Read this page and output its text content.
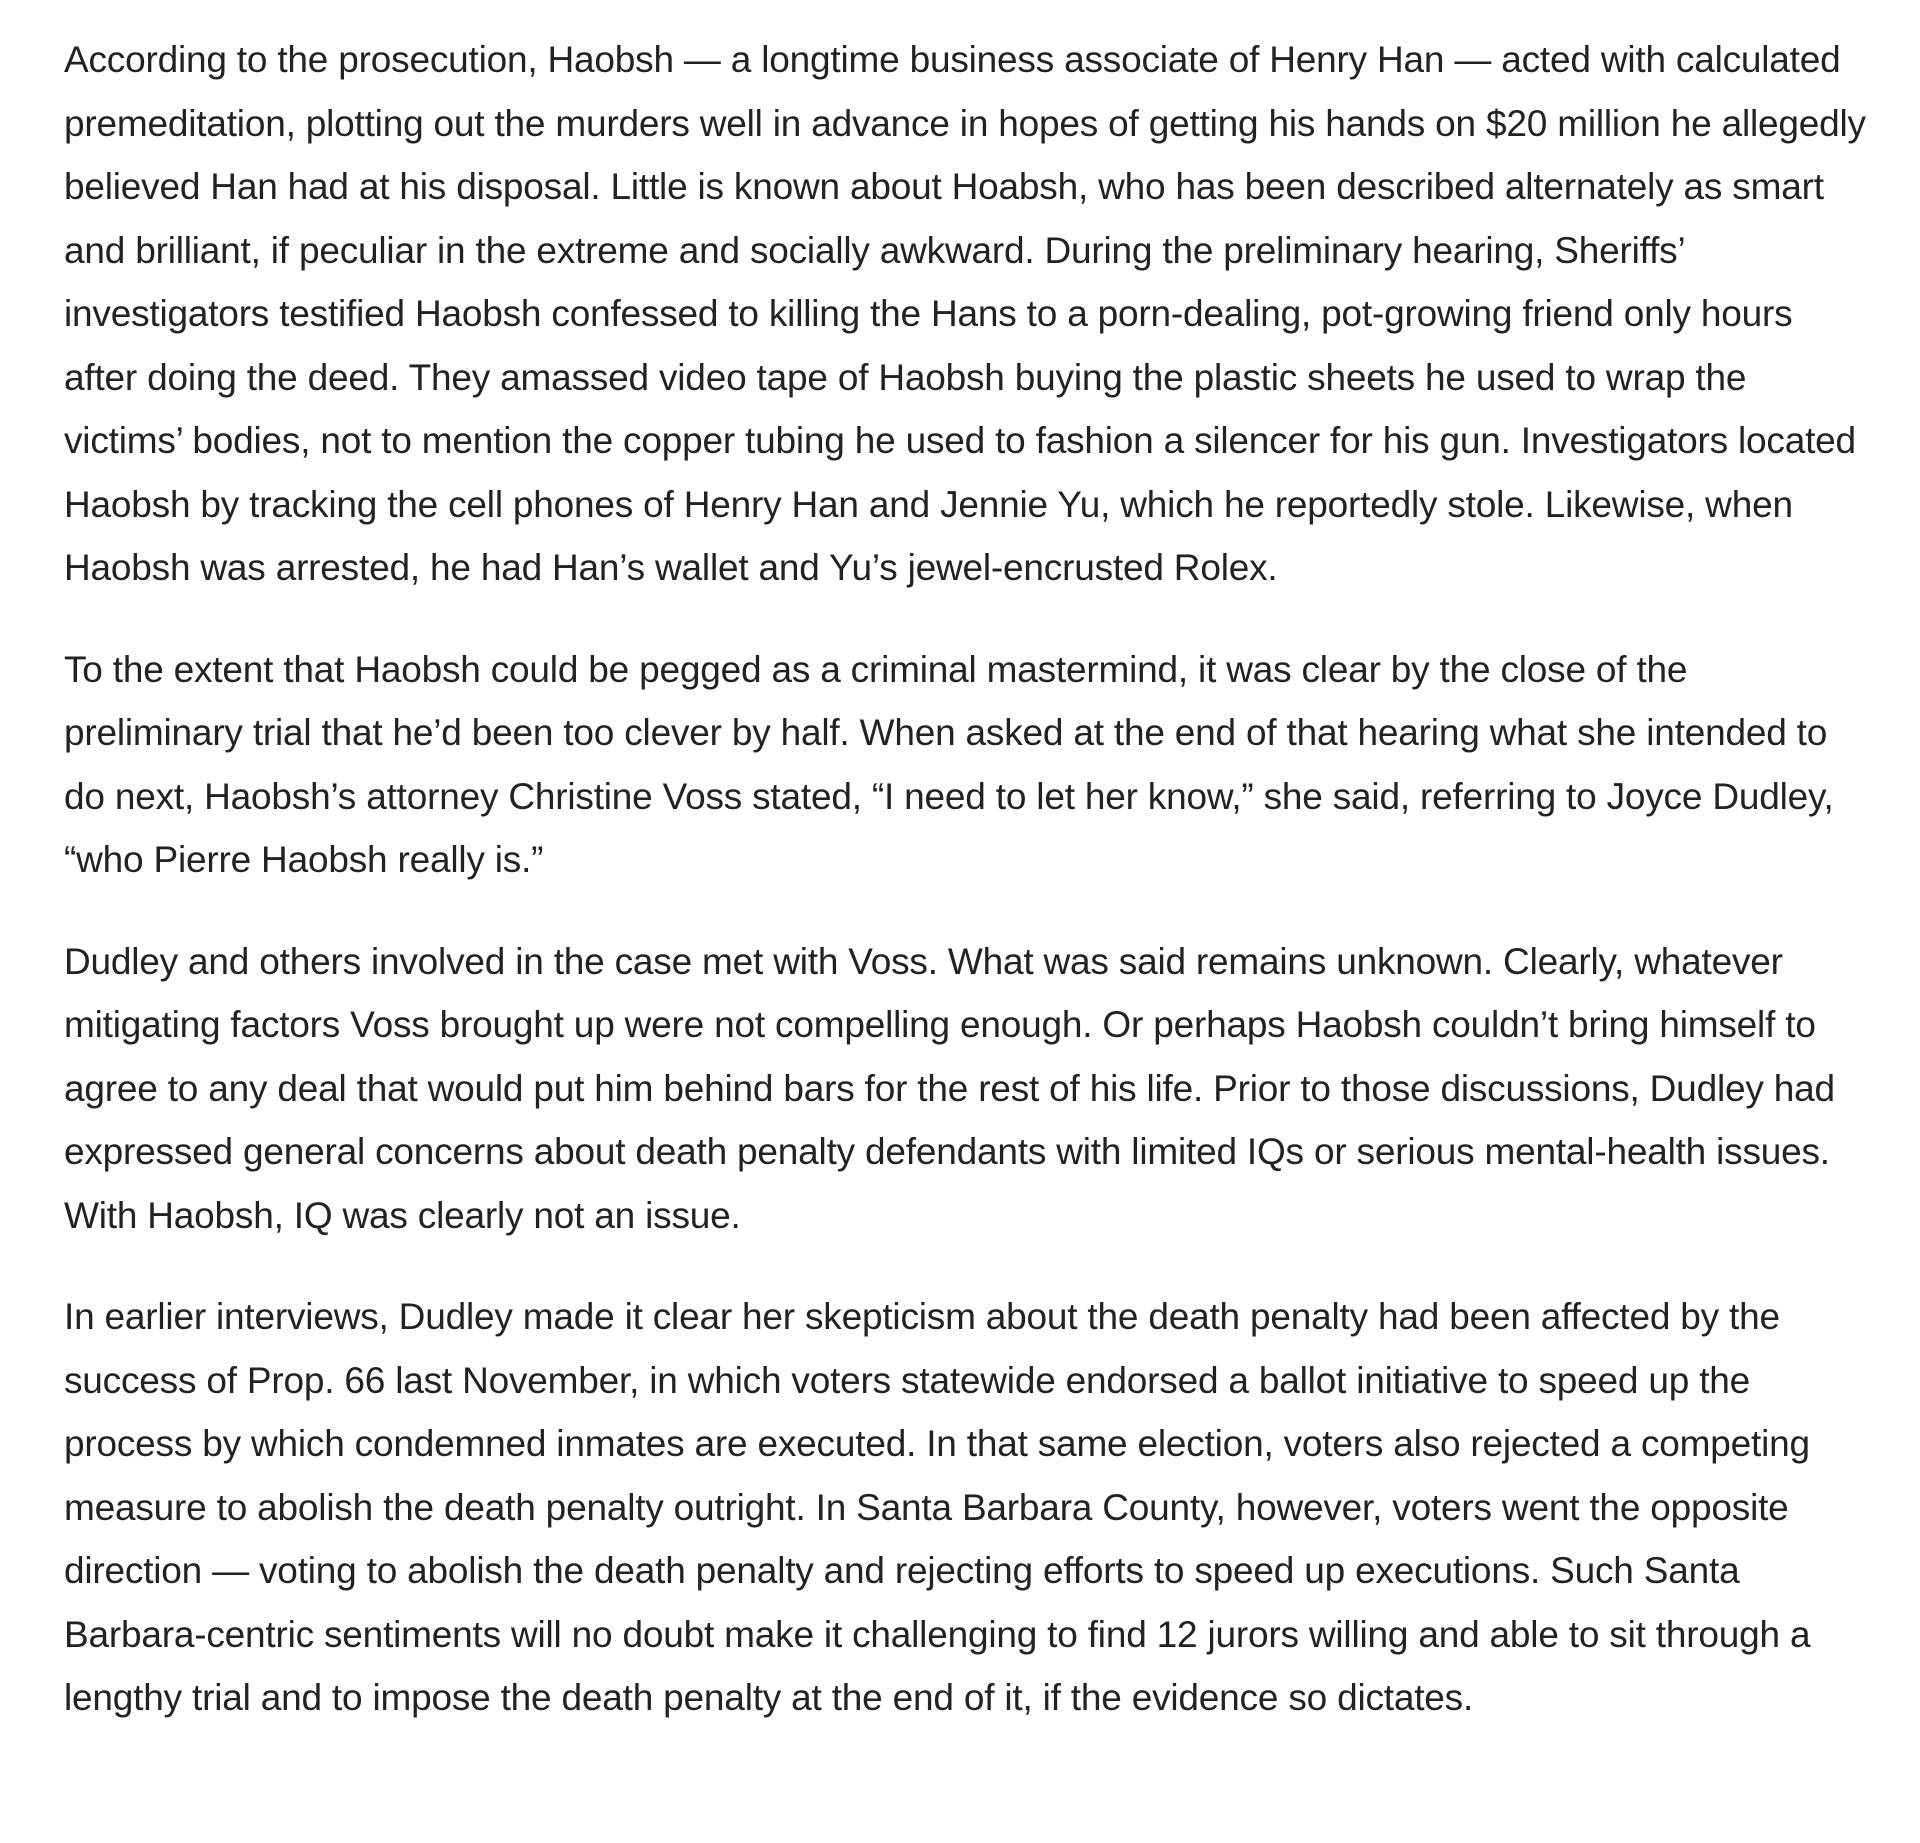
According to the prosecution, Haobsh — a longtime business associate of Henry Han — acted with calculated premeditation, plotting out the murders well in advance in hopes of getting his hands on $20 million he allegedly believed Han had at his disposal. Little is known about Hoabsh, who has been described alternately as smart and brilliant, if peculiar in the extreme and socially awkward. During the preliminary hearing, Sheriffs’ investigators testified Haobsh confessed to killing the Hans to a porn-dealing, pot-growing friend only hours after doing the deed. They amassed video tape of Haobsh buying the plastic sheets he used to wrap the victims’ bodies, not to mention the copper tubing he used to fashion a silencer for his gun. Investigators located Haobsh by tracking the cell phones of Henry Han and Jennie Yu, which he reportedly stole. Likewise, when Haobsh was arrested, he had Han’s wallet and Yu’s jewel-encrusted Rolex.

To the extent that Haobsh could be pegged as a criminal mastermind, it was clear by the close of the preliminary trial that he’d been too clever by half. When asked at the end of that hearing what she intended to do next, Haobsh’s attorney Christine Voss stated, “I need to let her know,” she said, referring to Joyce Dudley, “who Pierre Haobsh really is.”

Dudley and others involved in the case met with Voss. What was said remains unknown. Clearly, whatever mitigating factors Voss brought up were not compelling enough. Or perhaps Haobsh couldn’t bring himself to agree to any deal that would put him behind bars for the rest of his life. Prior to those discussions, Dudley had expressed general concerns about death penalty defendants with limited IQs or serious mental-health issues. With Haobsh, IQ was clearly not an issue.

In earlier interviews, Dudley made it clear her skepticism about the death penalty had been affected by the success of Prop. 66 last November, in which voters statewide endorsed a ballot initiative to speed up the process by which condemned inmates are executed. In that same election, voters also rejected a competing measure to abolish the death penalty outright. In Santa Barbara County, however, voters went the opposite direction — voting to abolish the death penalty and rejecting efforts to speed up executions. Such Santa Barbara-centric sentiments will no doubt make it challenging to find 12 jurors willing and able to sit through a lengthy trial and to impose the death penalty at the end of it, if the evidence so dictates.
